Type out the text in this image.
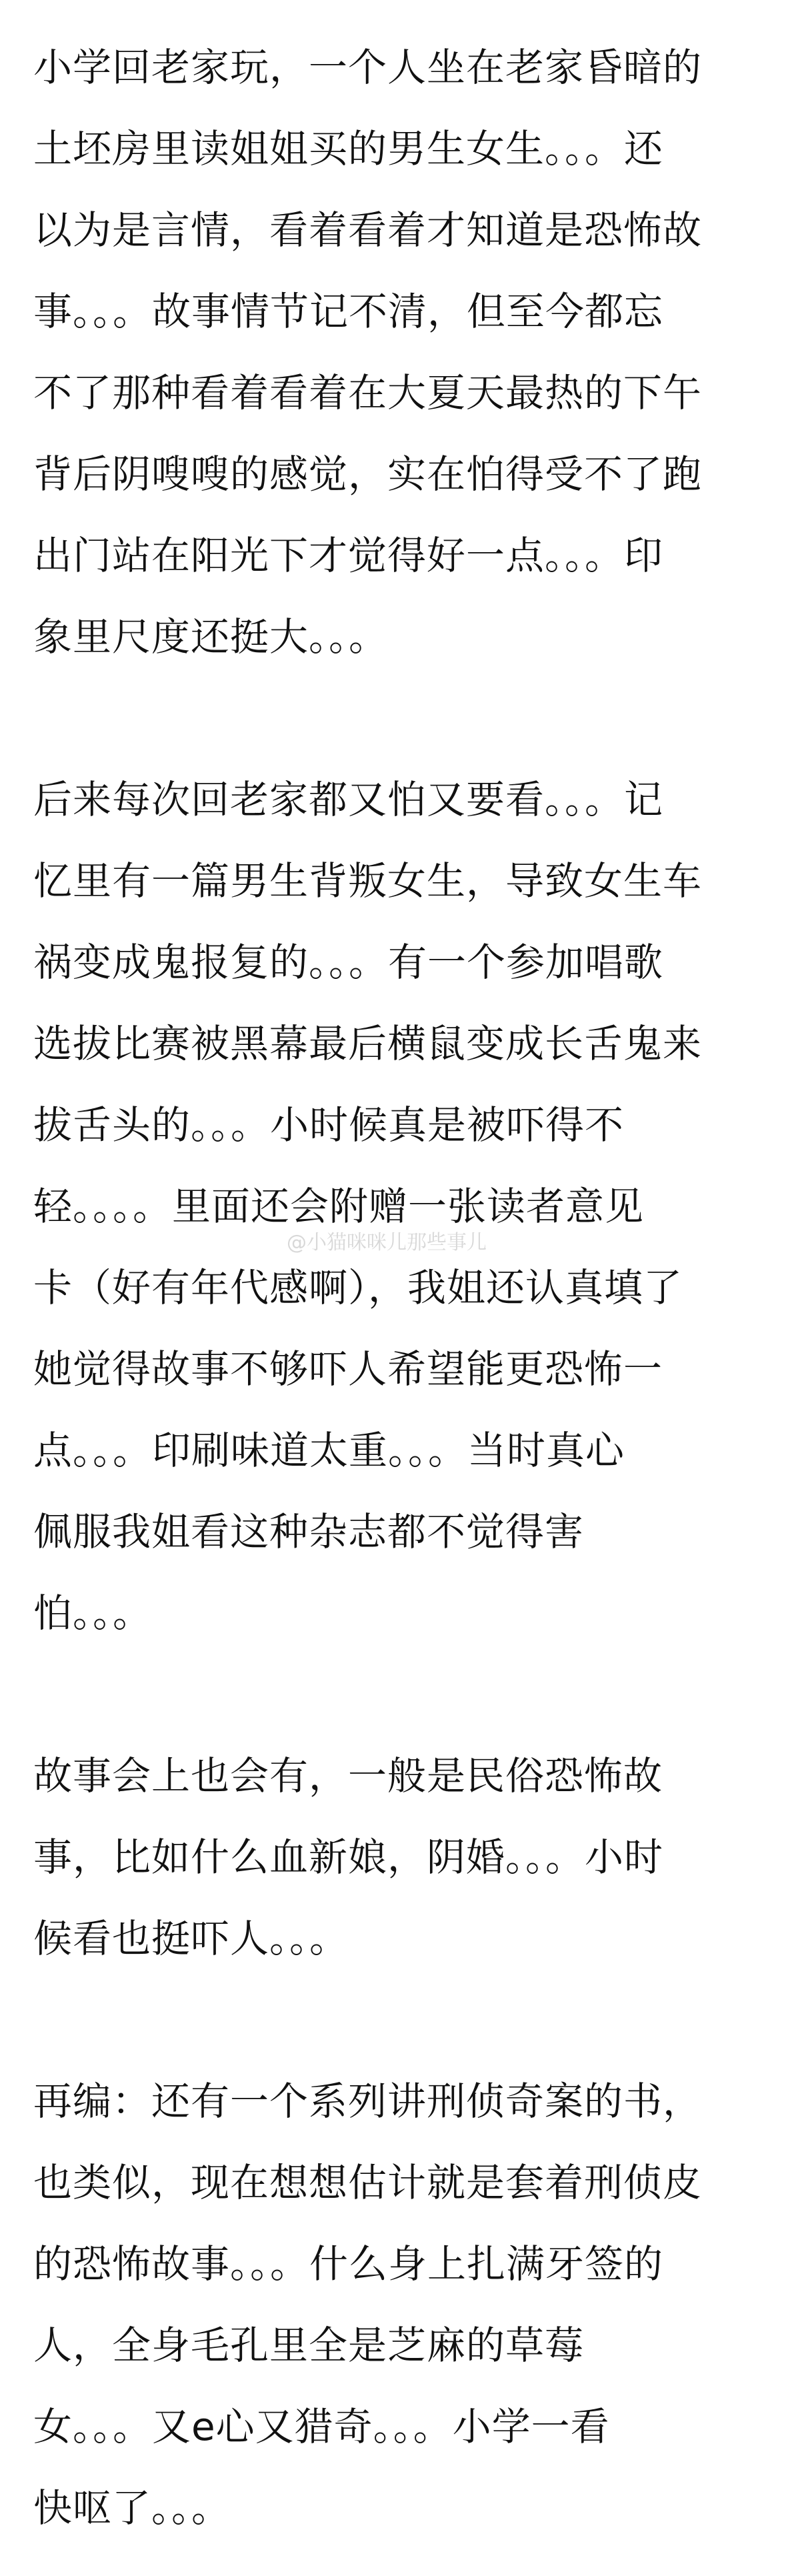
小学回老家玩，一个人坐在老家昏暗的
土坯房里读姐姐买的男生女生。。。还
以为是言情，看着看着才知道是恐怖故
事。。。故事情节记不清，但至今都忘
不了那种看着看着在大夏天最热的下午
背后阴嗖嗖的感觉，实在怕得受不了跑
出门站在阳光下才觉得好一点。。。印
象里尺度还挺大。。。
后来每次回老家都又怕又要看。。。记
忆里有一篇男生背叛女生，导致女生车
祸变成鬼报复的。。。有一个参加唱歌
选拔比赛被黑幕最后横鼠变成长舌鬼来
拔舌头的。。。小时候真是被吓得不
轻。。。。里面还会附赠一张读者意见
卡（好有年代感啊），我姐还认真填了
她觉得故事不够吓人希望能更恐怖一
点。。。印刷味道太重。。。当时真心
佩服我姐看这种杂志都不觉得害
怕。。。
故事会上也会有，一般是民俗恐怖故
事，比如什么血新娘，阴婚。。。小时
候看也挺吓人。。。
再编：还有一个系列讲刑侦奇案的书，
也类似，现在想想估计就是套着刑侦皮
的恐怖故事。。。什么身上扎满牙签的
人，全身毛孔里全是芝麻的草莓
女。。。又e心又猎奇。。。小学一看
快呕了。。。
@小猫咪咪儿那些事儿
